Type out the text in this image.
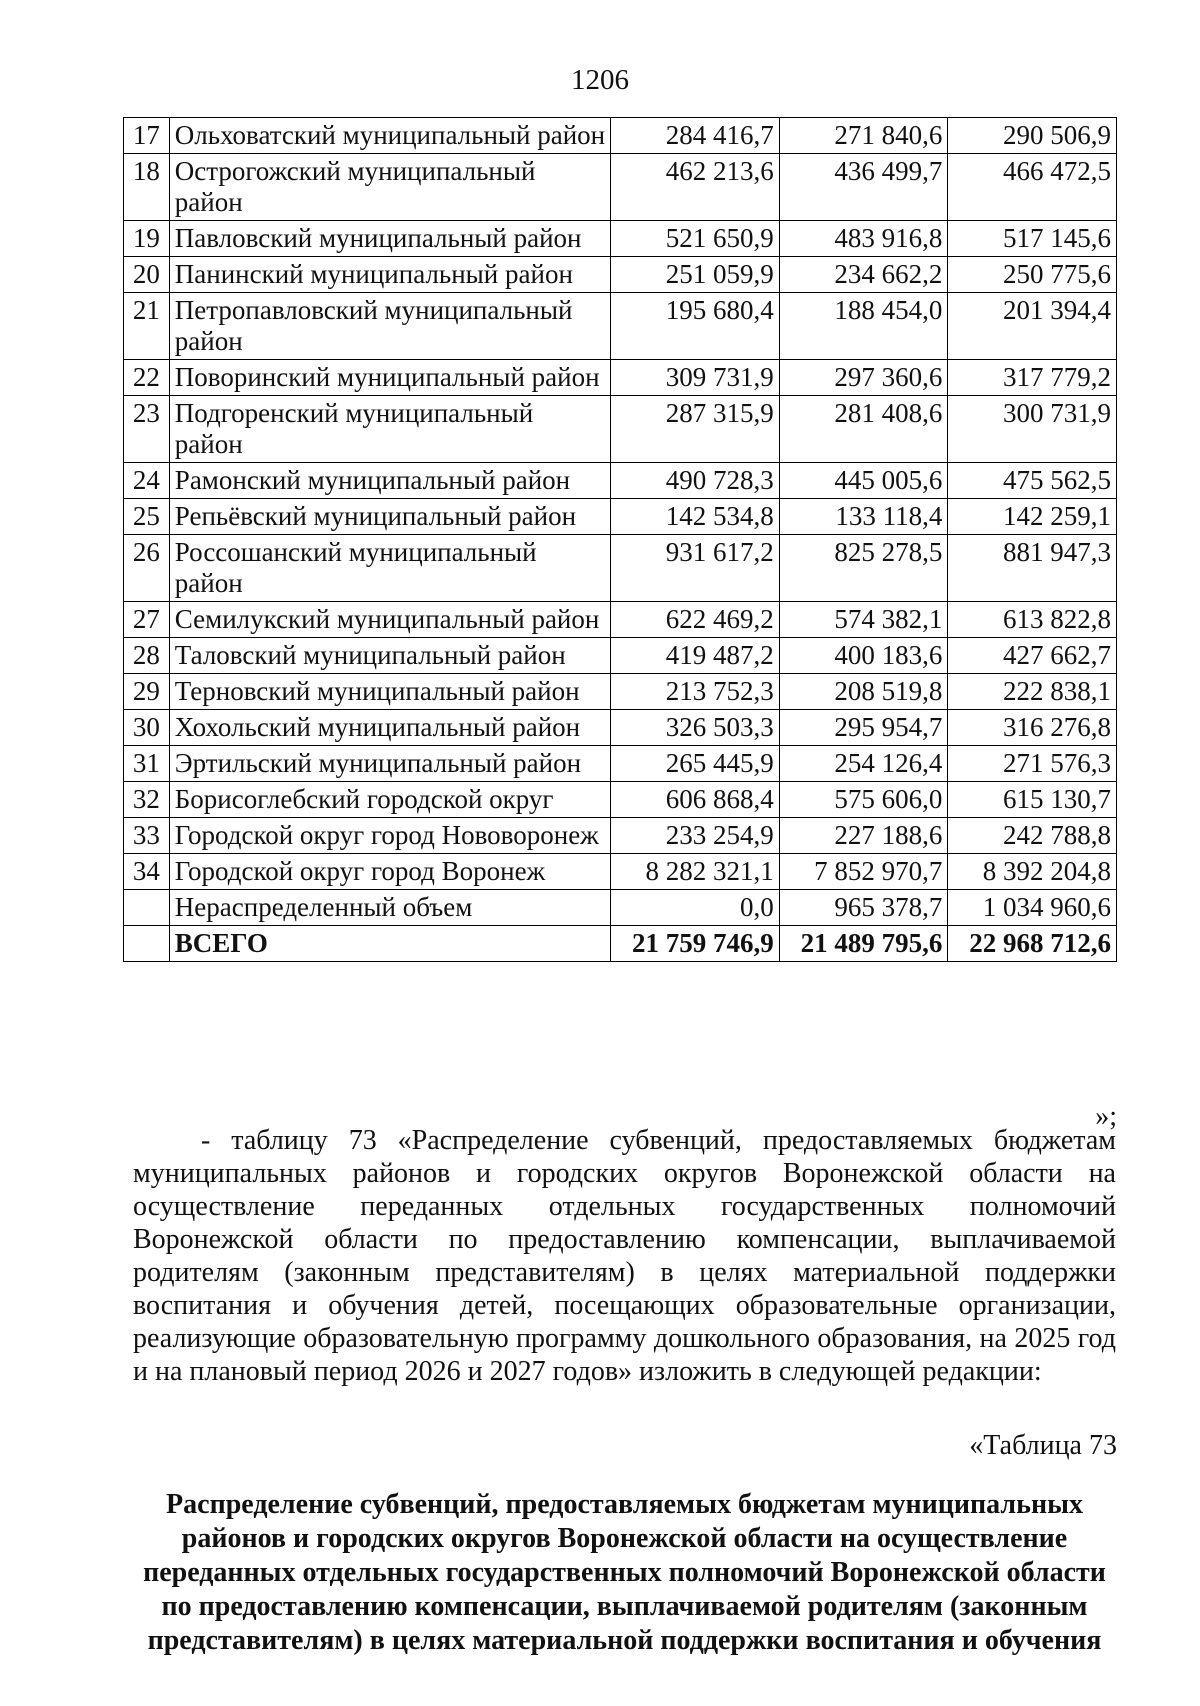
1206
17	Ольховатский муниципальный район	284 416,7	271 840,6	290 506,9
18	Острогожский муниципальный район	462 213,6	436 499,7	466 472,5
19	Павловский муниципальный район	521 650,9	483 916,8	517 145,6
20	Панинский муниципальный район	251 059,9	234 662,2	250 775,6
21	Петропавловский муниципальный район	195 680,4	188 454,0	201 394,4
22	Поворинский муниципальный район	309 731,9	297 360,6	317 779,2
23	Подгоренский муниципальный район	287 315,9	281 408,6	300 731,9
24	Рамонский муниципальный район	490 728,3	445 005,6	475 562,5
25	Репьёвский муниципальный район	142 534,8	133 118,4	142 259,1
26	Россошанский муниципальный район	931 617,2	825 278,5	881 947,3
27	Семилукский муниципальный район	622 469,2	574 382,1	613 822,8
28	Таловский муниципальный район	419 487,2	400 183,6	427 662,7
29	Терновский муниципальный район	213 752,3	208 519,8	222 838,1
30	Хохольский муниципальный район	326 503,3	295 954,7	316 276,8
31	Эртильский муниципальный район	265 445,9	254 126,4	271 576,3
32	Борисоглебский городской округ	606 868,4	575 606,0	615 130,7
33	Городской округ город Нововоронеж	233 254,9	227 188,6	242 788,8
34	Городской округ город Воронеж	8 282 321,1	7 852 970,7	8 392 204,8
	Нераспределенный объем	0,0	965 378,7	1 034 960,6
	ВСЕГО	21 759 746,9	21 489 795,6	22 968 712,6
»;

- таблицу 73 «Распределение субвенций, предоставляемых бюджетам муниципальных районов и городских округов Воронежской области на осуществление переданных отдельных государственных полномочий Воронежской области по предоставлению компенсации, выплачиваемой родителям (законным представителям) в целях материальной поддержки воспитания и обучения детей, посещающих образовательные организации, реализующие образовательную программу дошкольного образования, на 2025 год и на плановый период 2026 и 2027 годов» изложить в следующей редакции:

«Таблица 73

Распределение субвенций, предоставляемых бюджетам муниципальных районов и городских округов Воронежской области на осуществление переданных отдельных государственных полномочий Воронежской области по предоставлению компенсации, выплачиваемой родителям (законным представителям) в целях материальной поддержки воспитания и обучения
